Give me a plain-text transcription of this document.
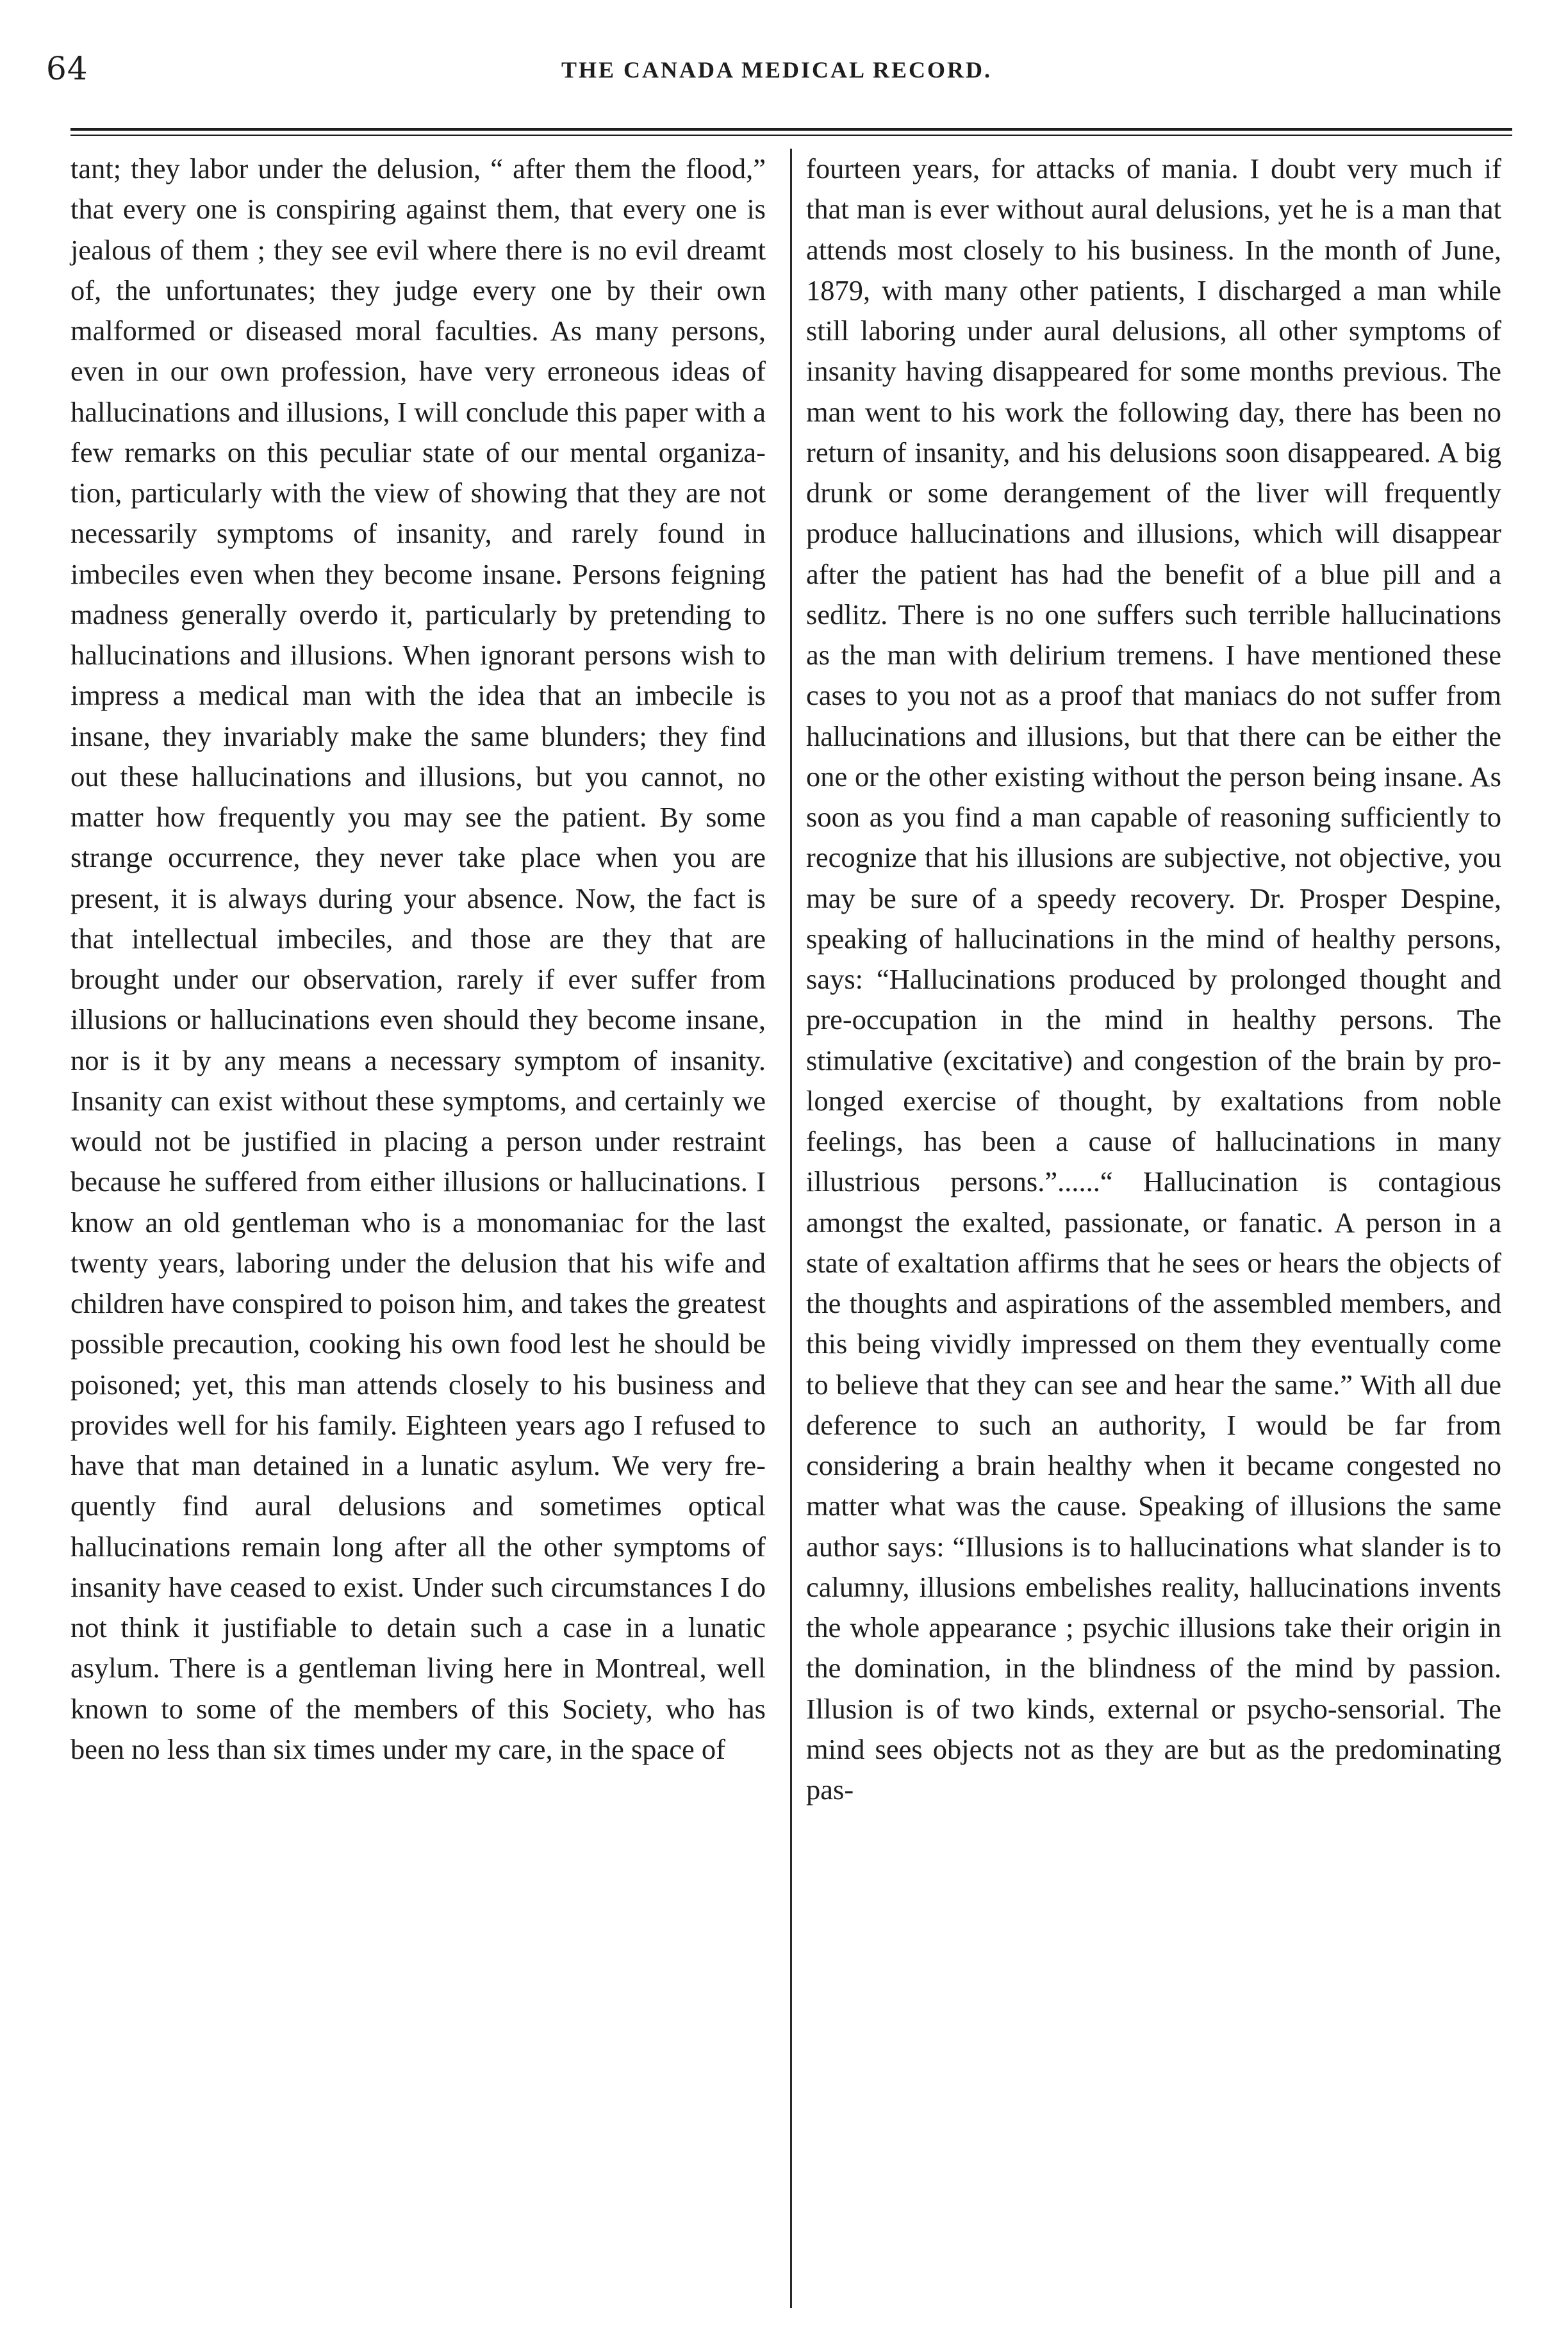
64	THE CANADA MEDICAL RECORD.

tant; they labor under the delusion, “ after them the flood,” that every one is conspiring against them, that every one is jealous of them ; they see evil where there is no evil dreamt of, the unfortunates; they judge every one by their own malformed or diseased moral faculties. As many persons, even in our own profession, have very erroneous ideas of hallucinations and illusions, I will conclude this paper with a few remarks on this peculiar state of our mental organization, particularly with the view of showing that they are not necessarily symptoms of insanity, and rarely found in imbeciles even when they become insane. Persons feigning madness generally overdo it, particularly by pretending to hallucinations and illusions. When ignorant persons wish to impress a medical man with the idea that an imbecile is insane, they invariably make the same blunders; they find out these hallucinations and illusions, but you cannot, no matter how frequently you may see the patient. By some strange occurrence, they never take place when you are present, it is always during your absence. Now, the fact is that intellectual imbeciles, and those are they that are brought under our observation, rarely if ever suffer from illusions or hallucinations even should they become insane, nor is it by any means a necessary symptom of insanity. Insanity can exist without these symptoms, and certainly we would not be justified in placing a person under restraint because he suffered from either illusions or hallucinations. I know an old gentleman who is a monomaniac for the last twenty years, laboring under the delusion that his wife and children have conspired to poison him, and takes the greatest possible precaution, cooking his own food lest he should be poisoned; yet, this man attends closely to his business and provides well for his family. Eighteen years ago I refused to have that man detained in a lunatic asylum. We very frequently find aural delusions and sometimes optical hallucinations remain long after all the other symptoms of insanity have ceased to exist. Under such circumstances I do not think it justifiable to detain such a case in a lunatic asylum. There is a gentleman living here in Montreal, well known to some of the members of this Society, who has been no less than six times under my care, in the space of

fourteen years, for attacks of mania. I doubt very much if that man is ever without aural delusions, yet he is a man that attends most closely to his business. In the month of June, 1879, with many other patients, I discharged a man while still laboring under aural delusions, all other symptoms of insanity having disappeared for some months previous. The man went to his work the following day, there has been no return of insanity, and his delusions soon disappeared. A big drunk or some derangement of the liver will frequently produce hallucinations and illusions, which will disappear after the patient has had the benefit of a blue pill and a sedlitz. There is no one suffers such terrible hallucinations as the man with delirium tremens. I have mentioned these cases to you not as a proof that maniacs do not suffer from hallucinations and illusions, but that there can be either the one or the other existing without the person being insane. As soon as you find a man capable of reasoning sufficiently to recognize that his illusions are subjective, not objective, you may be sure of a speedy recovery. Dr. Prosper Despine, speaking of hallucinations in the mind of healthy persons, says: “Hallucinations produced by prolonged thought and pre-occupation in the mind in healthy persons. The stimulative (excitative) and congestion of the brain by prolonged exercise of thought, by exaltations from noble feelings, has been a cause of hallucinations in many illustrious persons.”......“ Hallucination is contagious amongst the exalted, passionate, or fanatic. A person in a state of exaltation affirms that he sees or hears the objects of the thoughts and aspirations of the assembled members, and this being vividly impressed on them they eventually come to believe that they can see and hear the same.” With all due deference to such an authority, I would be far from considering a brain healthy when it became congested no matter what was the cause. Speaking of illusions the same author says: “Illusions is to hallucinations what slander is to calumny, illusions embelishes reality, hallucinations invents the whole appearance ; psychic illusions take their origin in the domination, in the blindness of the mind by passion. Illusion is of two kinds, external or psycho-sensorial. The mind sees objects not as they are but as the predominating pas-
